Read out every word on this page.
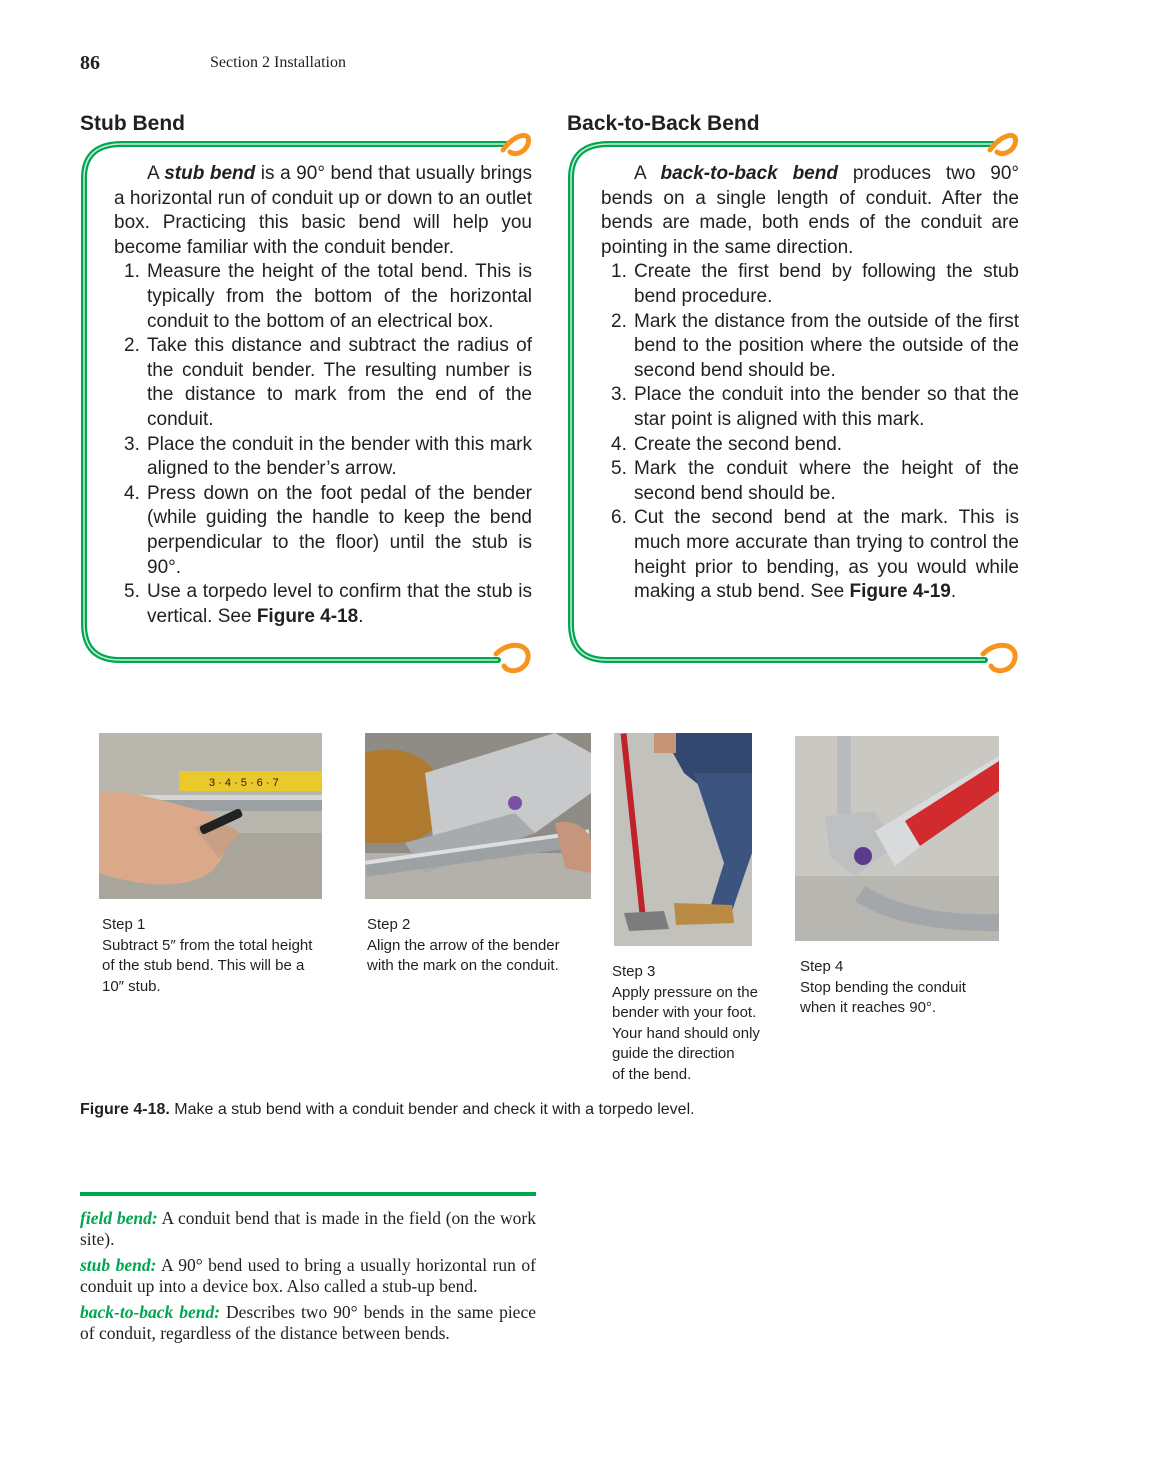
86	Section 2 Installation
Stub Bend

A stub bend is a 90° bend that usually brings a horizontal run of conduit up or down to an outlet box. Practicing this basic bend will help you become familiar with the conduit bender.

1. Measure the height of the total bend. This is typically from the bottom of the horizontal conduit to the bottom of an electrical box.
2. Take this distance and subtract the radius of the conduit bender. The resulting number is the distance to mark from the end of the conduit.
3. Place the conduit in the bender with this mark aligned to the bender’s arrow.
4. Press down on the foot pedal of the bender (while guiding the handle to keep the bend perpendicular to the floor) until the stub is 90°.
5. Use a torpedo level to confirm that the stub is vertical. See Figure 4-18.
Back-to-Back Bend

A back-to-back bend produces two 90° bends on a single length of conduit. After the bends are made, both ends of the conduit are pointing in the same direction.

1. Create the first bend by following the stub bend procedure.
2. Mark the distance from the outside of the first bend to the position where the outside of the second bend should be.
3. Place the conduit into the bender so that the star point is aligned with this mark.
4. Create the second bend.
5. Mark the conduit where the height of the second bend should be.
6. Cut the second bend at the mark. This is much more accurate than trying to control the height prior to bending, as you would while making a stub bend. See Figure 4-19.
3 · 4 · 5 · 6 · 7
Step 1
Subtract 5″ from the total height
of the stub bend. This will be a
10″ stub.
Step 2
Align the arrow of the bender
with the mark on the conduit.	Step 3
Apply pressure on the
bender with your foot.
Your hand should only
guide the direction
of the bend.
Step 4
Stop bending the conduit
when it reaches 90°.
Figure 4-18. Make a stub bend with a conduit bender and check it with a torpedo level.

field bend: A conduit bend that is made in the field (on the work site).

stub bend: A 90° bend used to bring a usually horizontal run of conduit up into a device box. Also called a stub-up bend.

back-to-back bend: Describes two 90° bends in the same piece of conduit, regardless of the distance between bends.
